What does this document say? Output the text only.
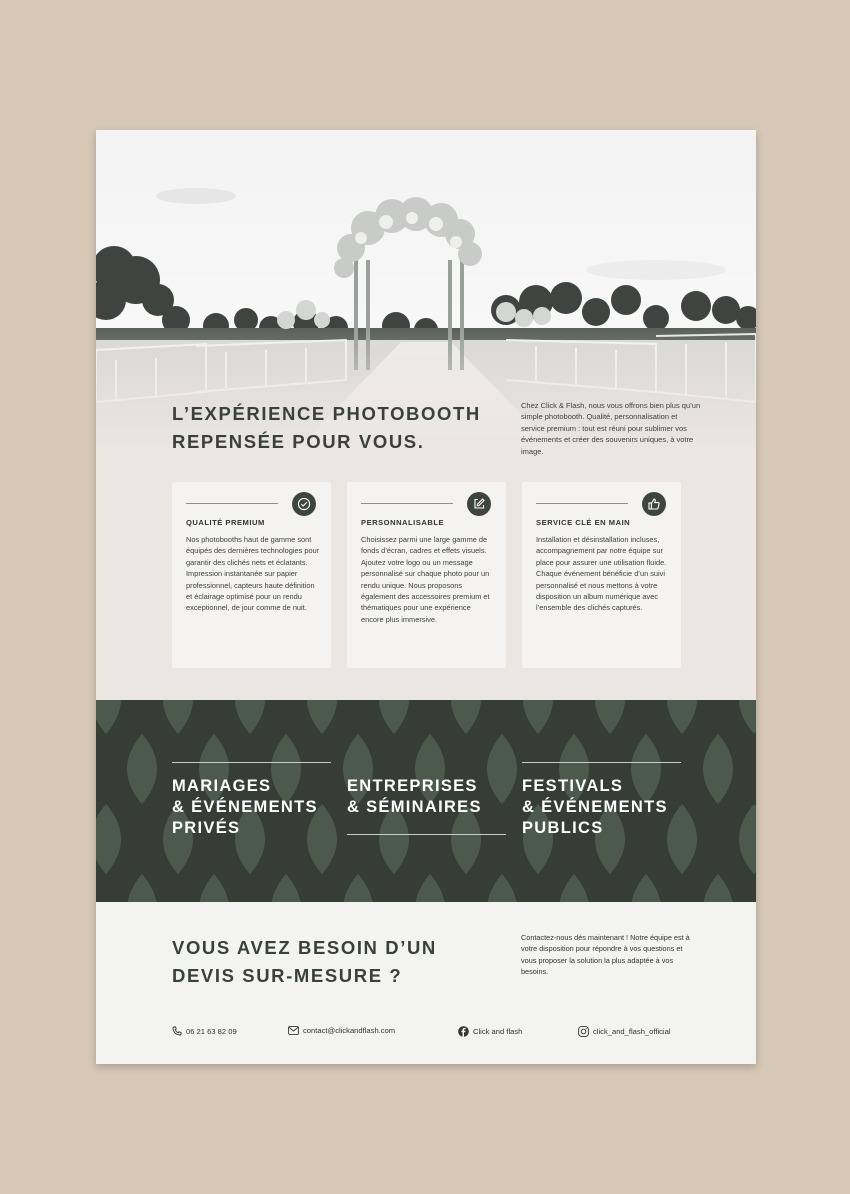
L’EXPÉRIENCE PHOTOBOOTH
REPENSÉE POUR VOUS.

Chez Click & Flash, nous vous offrons bien plus qu’un simple photobooth. Qualité, personnalisation et service premium : tout est réuni pour sublimer vos événements et créer des souvenirs uniques, à votre image.

QUALITÉ PREMIUM

Nos photobooths haut de gamme sont équipés des dernières technologies pour garantir des clichés nets et éclatants. Impression instantanée sur papier professionnel, capteurs haute définition et éclairage optimisé pour un rendu exceptionnel, de jour comme de nuit.

PERSONNALISABLE

Choisissez parmi une large gamme de fonds d’écran, cadres et effets visuels. Ajoutez votre logo ou un message personnalisé sur chaque photo pour un rendu unique. Nous proposons également des accessoires premium et thématiques pour une expérience encore plus immersive.

SERVICE CLÉ EN MAIN

Installation et désinstallation incluses, accompagnement par notre équipe sur place pour assurer une utilisation fluide. Chaque événement bénéficie d’un suivi personnalisé et nous mettons à votre disposition un album numérique avec l’ensemble des clichés capturés.

MARIAGES
& ÉVÉNEMENTS
PRIVÉS
ENTREPRISES
& SÉMINAIRES
FESTIVALS
& ÉVÉNEMENTS
PUBLICS
VOUS AVEZ BESOIN D’UN
DEVIS SUR-MESURE ?

Contactez-nous dès maintenant ! Notre équipe est à votre disposition pour répondre à vos questions et vous proposer la solution la plus adaptée à vos besoins.

06 21 63 82 09	contact@clickandflash.com	Click and flash	click_and_flash_official
